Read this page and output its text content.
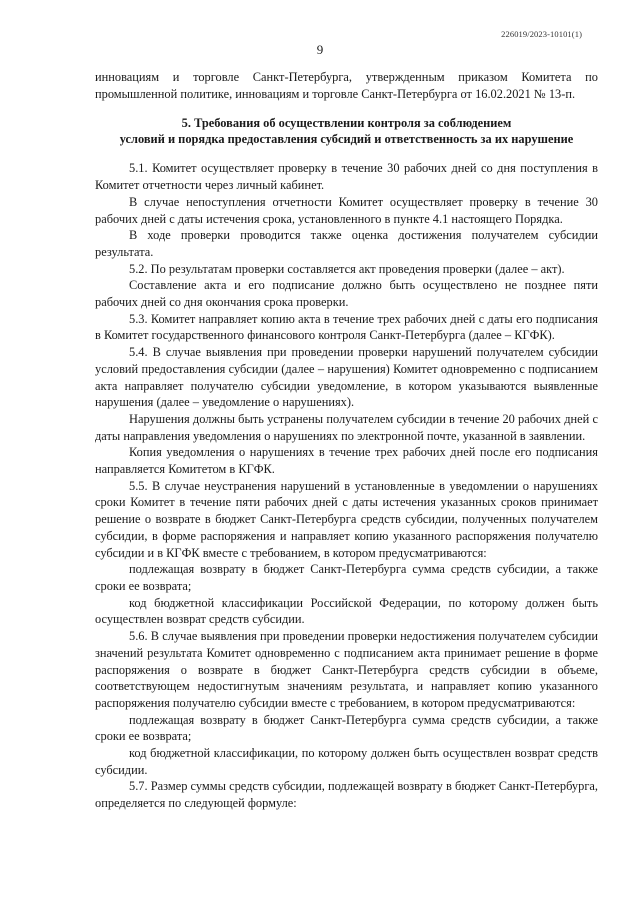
226019/2023-10101(1)
9

инновациям и торговле Санкт-Петербурга, утвержденным приказом Комитета по промышленной политике, инновациям и торговле Санкт-Петербурга от 16.02.2021 № 13-п.

5. Требования об осуществлении контроля за соблюдением
условий и порядка предоставления субсидий и ответственность за их нарушение

5.1. Комитет осуществляет проверку в течение 30 рабочих дней со дня поступления в Комитет отчетности через личный кабинет.

В случае непоступления отчетности Комитет осуществляет проверку в течение 30 рабочих дней с даты истечения срока, установленного в пункте 4.1 настоящего Порядка.

В ходе проверки проводится также оценка достижения получателем субсидии результата.

5.2. По результатам проверки составляется акт проведения проверки (далее – акт).

Составление акта и его подписание должно быть осуществлено не позднее пяти рабочих дней со дня окончания срока проверки.

5.3. Комитет направляет копию акта в течение трех рабочих дней с даты его подписания в Комитет государственного финансового контроля Санкт-Петербурга (далее – КГФК).

5.4. В случае выявления при проведении проверки нарушений получателем субсидии условий предоставления субсидии (далее – нарушения) Комитет одновременно с подписанием акта направляет получателю субсидии уведомление, в котором указываются выявленные нарушения (далее – уведомление о нарушениях).

Нарушения должны быть устранены получателем субсидии в течение 20 рабочих дней с даты направления уведомления о нарушениях по электронной почте, указанной в заявлении.

Копия уведомления о нарушениях в течение трех рабочих дней после его подписания направляется Комитетом в КГФК.

5.5. В случае неустранения нарушений в установленные в уведомлении о нарушениях сроки Комитет в течение пяти рабочих дней с даты истечения указанных сроков принимает решение о возврате в бюджет Санкт-Петербурга средств субсидии, полученных получателем субсидии, в форме распоряжения и направляет копию указанного распоряжения получателю субсидии и в КГФК вместе с требованием, в котором предусматриваются:

подлежащая возврату в бюджет Санкт-Петербурга сумма средств субсидии, а также сроки ее возврата;

код бюджетной классификации Российской Федерации, по которому должен быть осуществлен возврат средств субсидии.

5.6. В случае выявления при проведении проверки недостижения получателем субсидии значений результата Комитет одновременно с подписанием акта принимает решение в форме распоряжения о возврате в бюджет Санкт-Петербурга средств субсидии в объеме, соответствующем недостигнутым значениям результата, и направляет копию указанного распоряжения получателю субсидии вместе с требованием, в котором предусматриваются:

подлежащая возврату в бюджет Санкт-Петербурга сумма средств субсидии, а также сроки ее возврата;

код бюджетной классификации, по которому должен быть осуществлен возврат средств субсидии.

5.7. Размер суммы средств субсидии, подлежащей возврату в бюджет Санкт-Петербурга, определяется по следующей формуле:
